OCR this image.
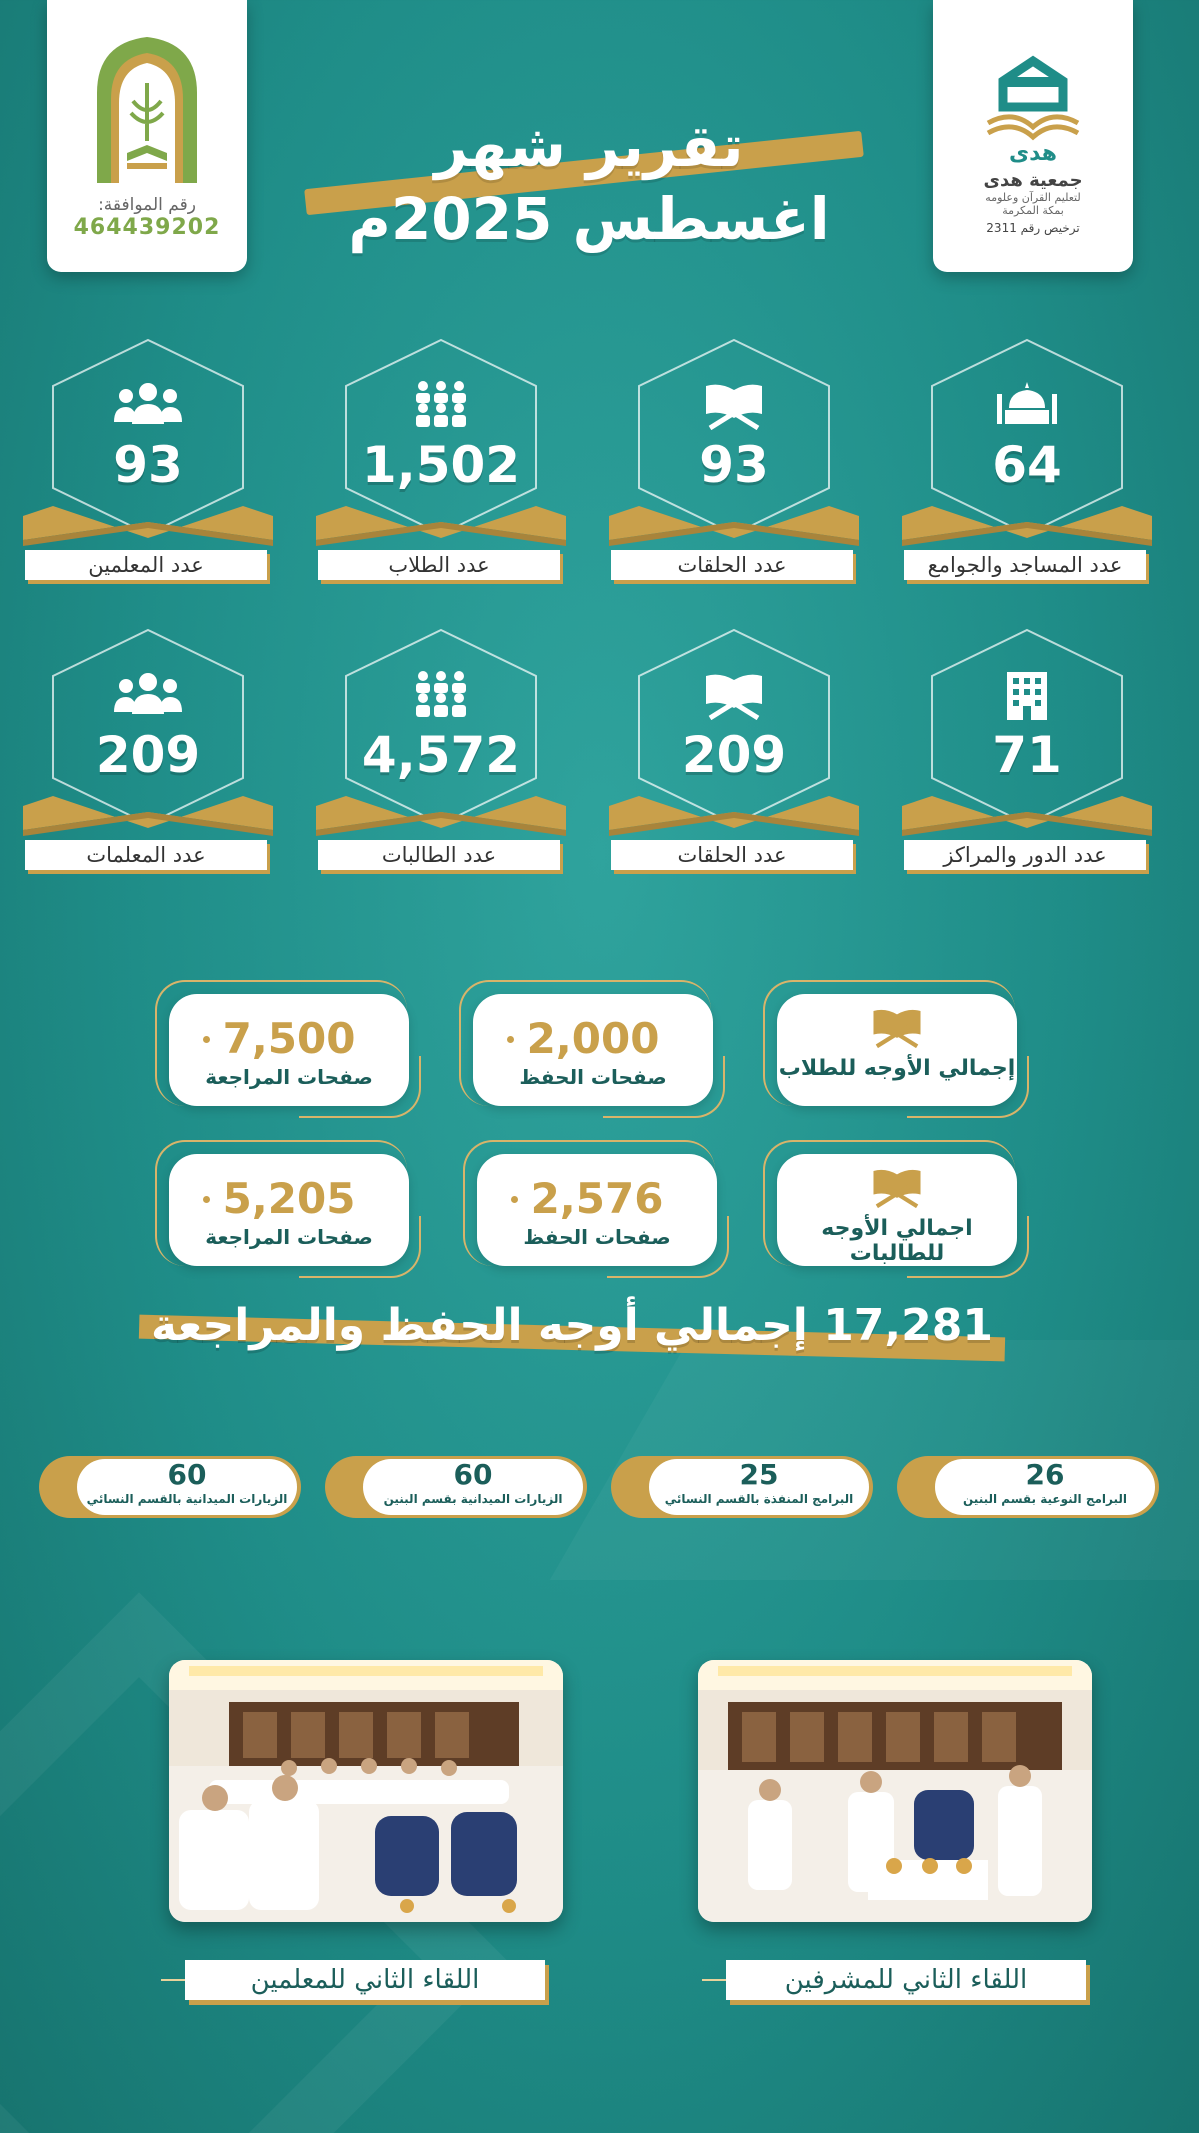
رقم الموافقة:
464439202
هدى
جمعية هدى
لتعليم القرآن وعلومه
بمكة المكرمة
ترخيص رقم 2311
تقرير شهر
اغسطس 2025م
64
عدد المساجد والجوامع
93
عدد الحلقات
1,502
عدد الطلاب
93
عدد المعلمين
71
عدد الدور والمراكز
209
عدد الحلقات
4,572
عدد الطالبات
209
عدد المعلمات
إجمالي الأوجه للطلاب
2,000
صفحات الحفظ
7,500
صفحات المراجعة
اجمالي الأوجه للطالبات
2,576
صفحات الحفظ
5,205
صفحات المراجعة
17,281 إجمالي أوجه الحفظ والمراجعة
26
البرامج النوعية بقسم البنين
25
البرامج المنفذة بالقسم النسائي
60
الزيارات الميدانية بقسم البنين
60
الزيارات الميدانية بالقسم النسائي
اللقاء الثاني للمشرفين
اللقاء الثاني للمعلمين
